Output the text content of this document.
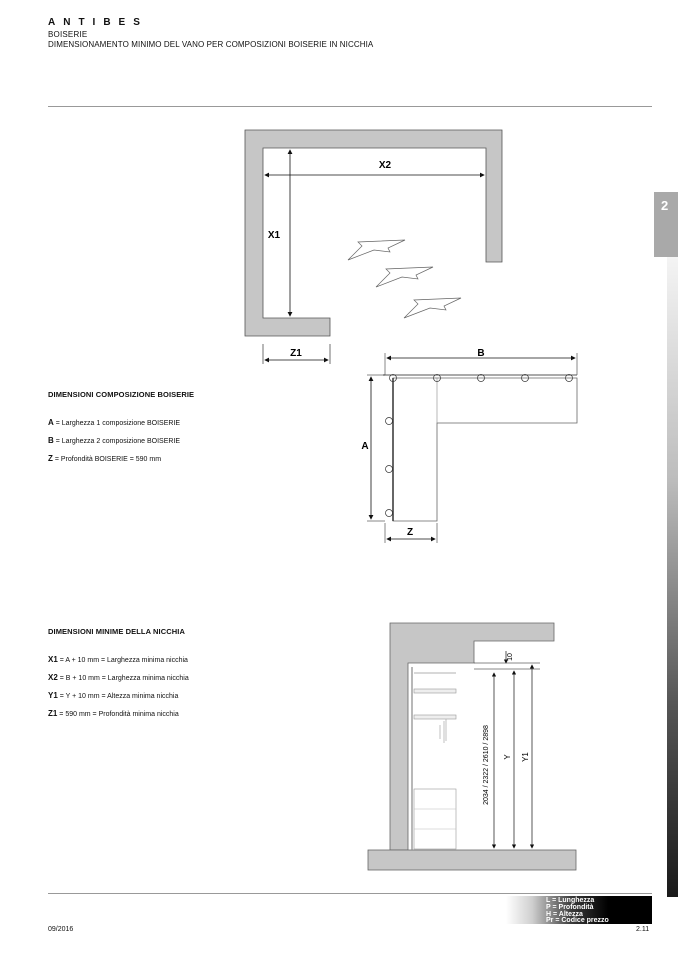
ANTIBES
BOISERIE
DIMENSIONAMENTO MINIMO DEL VANO PER COMPOSIZIONI BOISERIE IN NICCHIA
2
X2
X1
Z1
DIMENSIONI COMPOSIZIONE BOISERIE
A = Larghezza 1 composizione BOISERIE
B = Larghezza 2 composizione BOISERIE
Z = Profondità BOISERIE = 590 mm
B
A
Z
DIMENSIONI MINIME DELLA NICCHIA
X1 = A + 10 mm = Larghezza minima nicchia
X2 = B + 10 mm = Larghezza minima nicchia
Y1 = Y + 10 mm = Altezza minima nicchia
Z1 = 590 mm = Profondità minima nicchia
10
2034 / 2322 / 2610 / 2898 Y Y1
L = Lunghezza
P = Profondità
H = Altezza
Pr = Codice prezzo
09/2016	2.11
